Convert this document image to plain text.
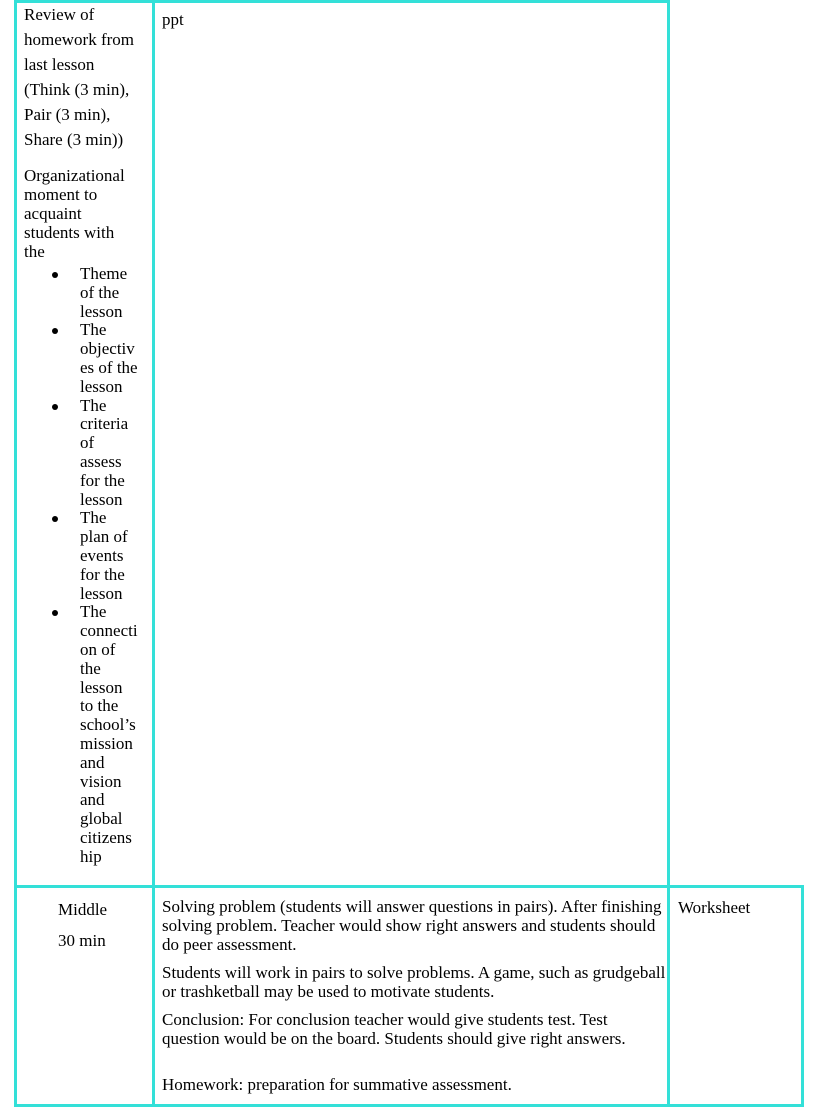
Review of
homework from
last lesson
(Think (3 min),
Pair (3 min),
Share (3 min))
Organizational
moment to
acquaint
students with
the
Theme
of the
lesson
The
objectiv
es of the
lesson
The
criteria
of
assess
for the
lesson
The
plan of
events
for the
lesson
The
connecti
on of
the
lesson
to the
school’s
mission
and
vision
and
global
citizens
hip
ppt
Middle
30 min
Solving problem (students will answer questions in pairs). After finishing solving problem. Teacher would show right answers and students should do peer assessment.
Students will work in pairs to solve problems. A game, such as grudgeball or trashketball may be used to motivate students.
Conclusion: For conclusion teacher would give students test. Test question would be on the board. Students should give right answers.
Homework: preparation for summative assessment.
Worksheet
